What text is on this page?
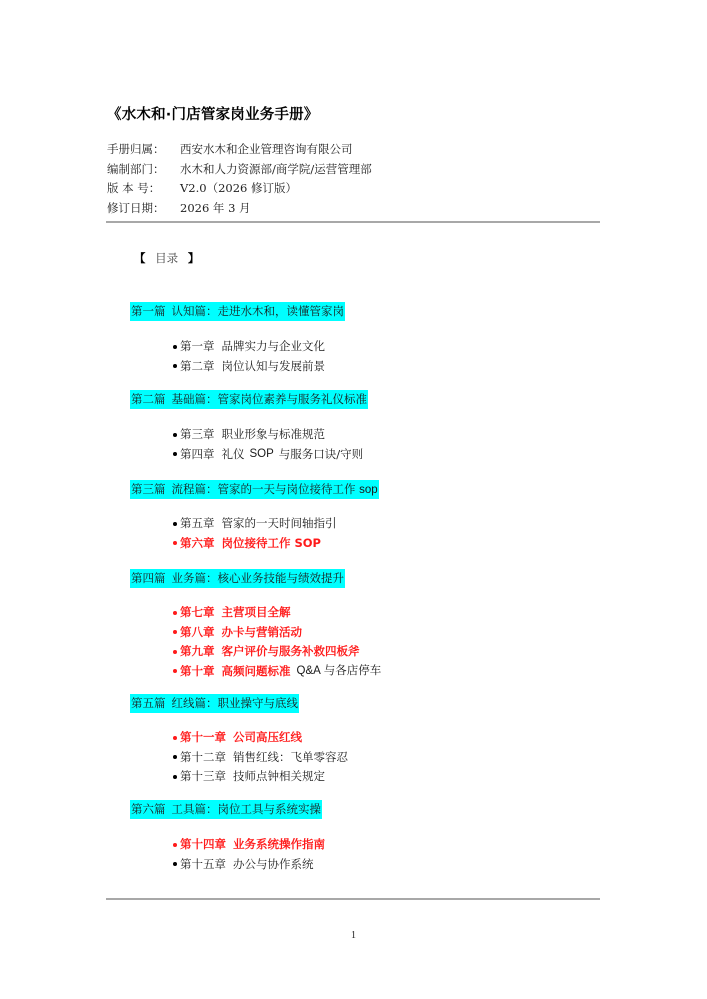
《水木和·门店管家岗业务手册》
手册归属：	西安水木和企业管理咨询有限公司
编制部门：	水木和人力资源部/商学院/运营管理部
版 本 号：	V2.0（2026 修订版）
修订日期：	2026 年 3 月
【 目录 】
第一篇 认知篇：走进水木和，读懂管家岗
第一章 品牌实力与企业文化
第二章 岗位认知与发展前景
第二篇 基础篇：管家岗位素养与服务礼仪标准
第三章 职业形象与标准规范
第四章 礼仪 SOP 与服务口诀/守则
第三篇 流程篇：管家的一天与岗位接待工作 sop
第五章 管家的一天时间轴指引
第六章 岗位接待工作 SOP
第四篇 业务篇：核心业务技能与绩效提升
第七章 主营项目全解
第八章 办卡与营销活动
第九章 客户评价与服务补救四板斧
第十章 高频问题标准 Q&A 与各店停车
第五篇 红线篇：职业操守与底线
第十一章 公司高压红线
第十二章 销售红线：飞单零容忍
第十三章 技师点钟相关规定
第六篇 工具篇：岗位工具与系统实操
第十四章 业务系统操作指南
第十五章 办公与协作系统
1
